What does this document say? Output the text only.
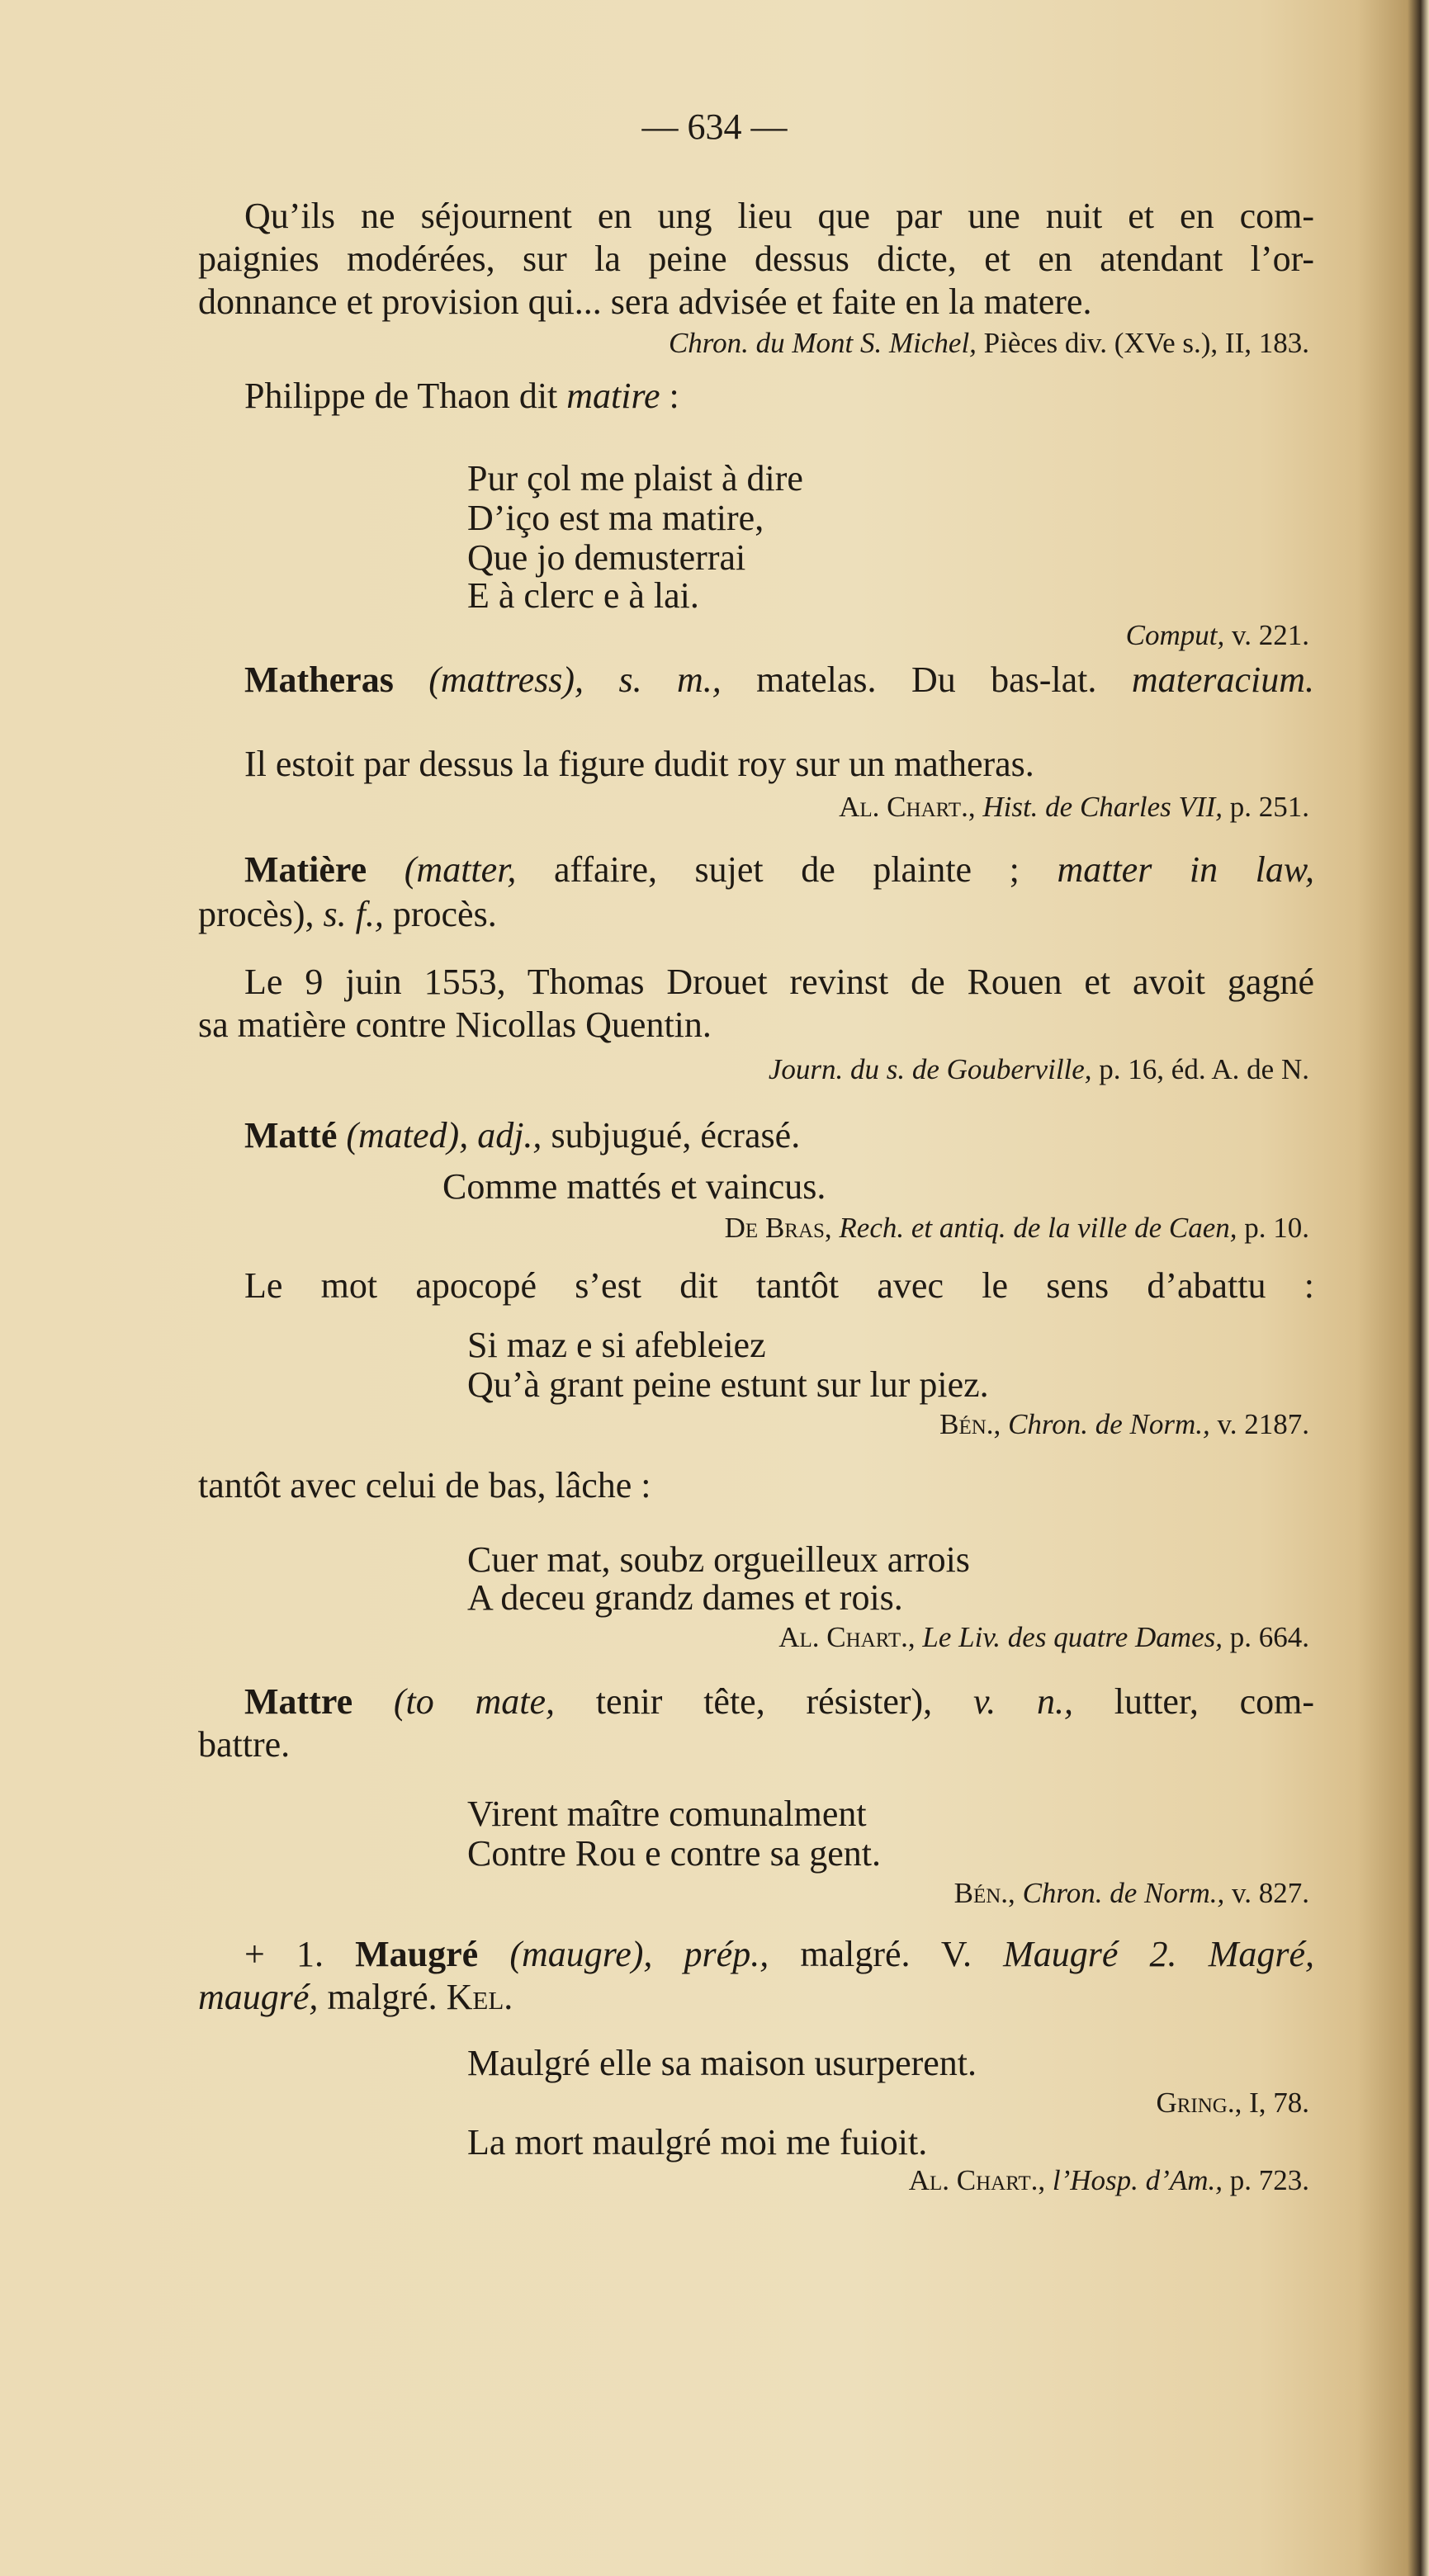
— 634 —
Qu’ils ne séjournent en ung lieu que par une nuit et en com-
paignies modérées, sur la peine dessus dicte, et en atendant l’or-
donnance et provision qui... sera advisée et faite en la matere.
Chron. du Mont S. Michel, Pièces div. (XVe s.), II, 183.
Philippe de Thaon dit matire :
Pur çol me plaist à dire
D’iço est ma matire,
Que jo demusterrai
E à clerc e à lai.
Comput, v. 221.
Matheras (mattress), s. m., matelas. Du bas-lat. materacium.
Il estoit par dessus la figure dudit roy sur un matheras.
Al. Chart., Hist. de Charles VII, p. 251.
Matière (matter, affaire, sujet de plainte ; matter in law,
procès), s. f., procès.
Le 9 juin 1553, Thomas Drouet revinst de Rouen et avoit gagné
sa matière contre Nicollas Quentin.
Journ. du s. de Gouberville, p. 16, éd. A. de N.
Matté (mated), adj., subjugué, écrasé.
Comme mattés et vaincus.
De Bras, Rech. et antiq. de la ville de Caen, p. 10.
Le mot apocopé s’est dit tantôt avec le sens d’abattu :
Si maz e si afebleiez
Qu’à grant peine estunt sur lur piez.
Bén., Chron. de Norm., v. 2187.
tantôt avec celui de bas, lâche :
Cuer mat, soubz orgueilleux arrois
A deceu grandz dames et rois.
Al. Chart., Le Liv. des quatre Dames, p. 664.
Mattre (to mate, tenir tête, résister), v. n., lutter, com-
battre.
Virent maître comunalment
Contre Rou e contre sa gent.
Bén., Chron. de Norm., v. 827.
+ 1. Maugré (maugre), prép., malgré. V. Maugré 2. Magré,
maugré, malgré. Kel.
Maulgré elle sa maison usurperent.
Gring., I, 78.
La mort maulgré moi me fuioit.
Al. Chart., l’Hosp. d’Am., p. 723.
